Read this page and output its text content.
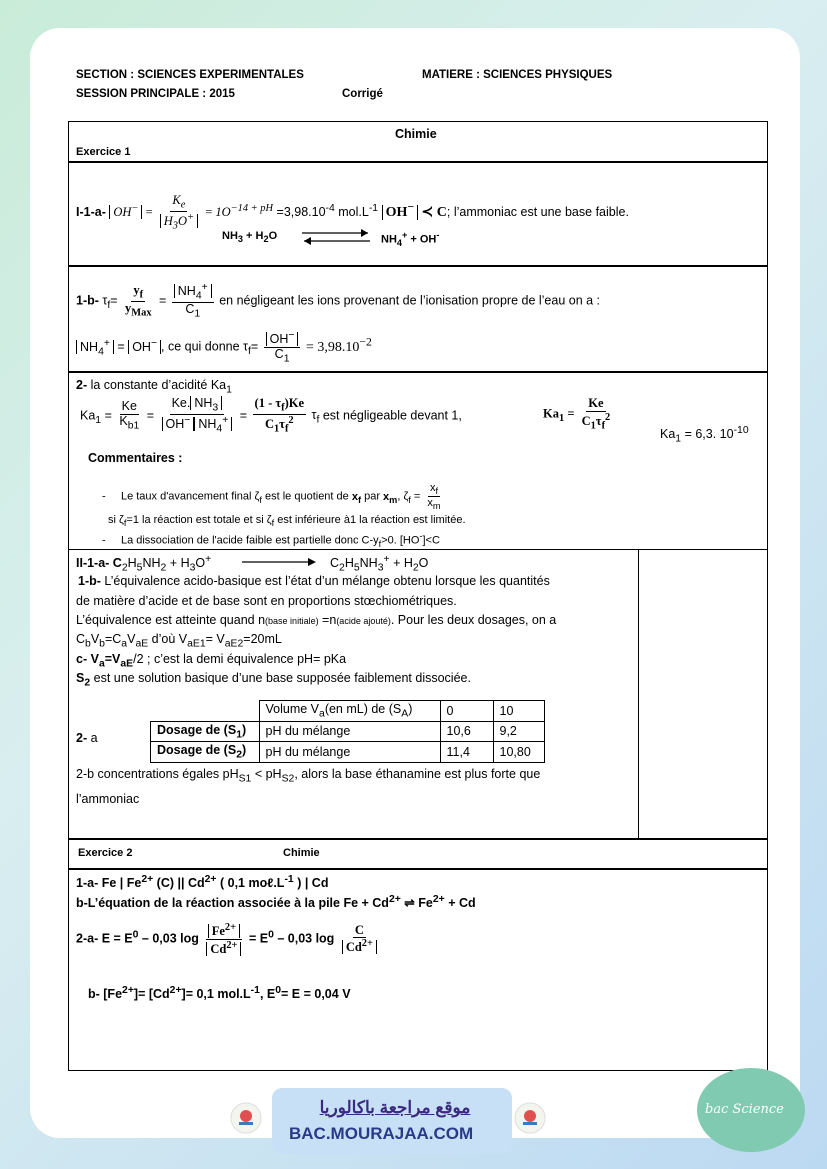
SECTION : SCIENCES EXPERIMENTALES	MATIERE : SCIENCES PHYSIQUES
SESSION PRINCIPALE : 2015	Corrigé
Chimie
Exercice 1
I-1-a- $OH^- = \frac{K_e}{H_3O^+} = 1O^{-14 + pH} =3,98.10^{-4}$ $mol.L^{-1}$ OH− ≺ C; l’ammoniac est une base faible.
$NH_3 + H_2O$	$NH_4^+ + OH^-$
1-b- $\tau_f= \frac{y_f}{y_{Max}} = \frac{NH_4^+}{C_1}$ en négligeant les ions provenant de l’ionisation propre de l’eau on a :
$NH_4^+ = OH^-$ , ce qui donne $\tau_f= \frac{OH^-}{C_1} = 3,98.10^{-2}$
2- la constante d’acidité $Ka_1$
$Ka_1 = \frac{Ke}{K_{b1}} = \frac{Ke. NH_3}{OH^- NH_4^+} = \frac{(1 - \tau_f)Ke}{C_1\tau_f^2} \tau_f$ est négligeable devant 1,	$Ka_1 = \frac{Ke}{C_1\tau_f^2}$
$Ka_1 = 6,3$. $10^{-10}$
Commentaires :
-     Le taux d'avancement final $\zeta_f$ est le quotient de $x_f$ par $x_m$, $\zeta_f = \frac{x_f}{x_m}$
si $\zeta_f=1$ la réaction est totale et si $\zeta_f$ est inférieure à1 la réaction est limitée.
-     La dissociation de l'acide faible est partielle donc $C-y_f>0$. [HO-]<C
II-1-a- $C_2H_5NH_2 + H_3O^+$	$C_2H_5NH_3^+ + H_2O$
1-b- L’équivalence acido-basique est l’état d’un mélange obtenu lorsque les quantités
de matière d’acide et de base sont en proportions stœchiométriques.
L’équivalence est atteinte quand n(base initiale) =n(acide ajouté). Pour les deux dosages, on a
$C_bV_b=C_aV_{aE}$ d’où $V_{aE1}= V_{aE2}=20mL$
c- $V_a=V_{aE}/2$ ; c’est la demi équivalence pH= pKa
$S_2$ est une solution basique d’une base supposée faiblement dissociée.
2- a
	Volume $V_a(en$ mL) de $(S_A)$	0	10
Dosage de $(S_1)$	pH du mélange	10,6	9,2
Dosage de $(S_2)$	pH du mélange	11,4	10,80
2-b concentrations égales $pH_{S1} < pH_{S2}$, alors la base éthanamine est plus forte que
l’ammoniac
Exercice 2	Chimie
1-a- Fe | $Fe^{2+}$ (C) || $Cd^{2+}$ ( 0,1 $mo\ell.L^{-1}$ ) | Cd
b-L’équation de la réaction associée à la pile $Fe + Cd^{2+}$ ⇌ $Fe^{2+} + Cd$
2-a- $E = E^0 - 0,03$ $\log \frac{Fe^{2+}}{Cd^{2+}} = E^0 - 0,03$ $\log \frac{C}{Cd^{2+}}$
b- $[Fe^{2+}]= [Cd^{2+}]= 0,1$ $mol.L^{-1}$, $E^0= E = 0,04$ V
موقع مراجعة باكالوريا
BAC.MOURAJAA.COM
bac Science
